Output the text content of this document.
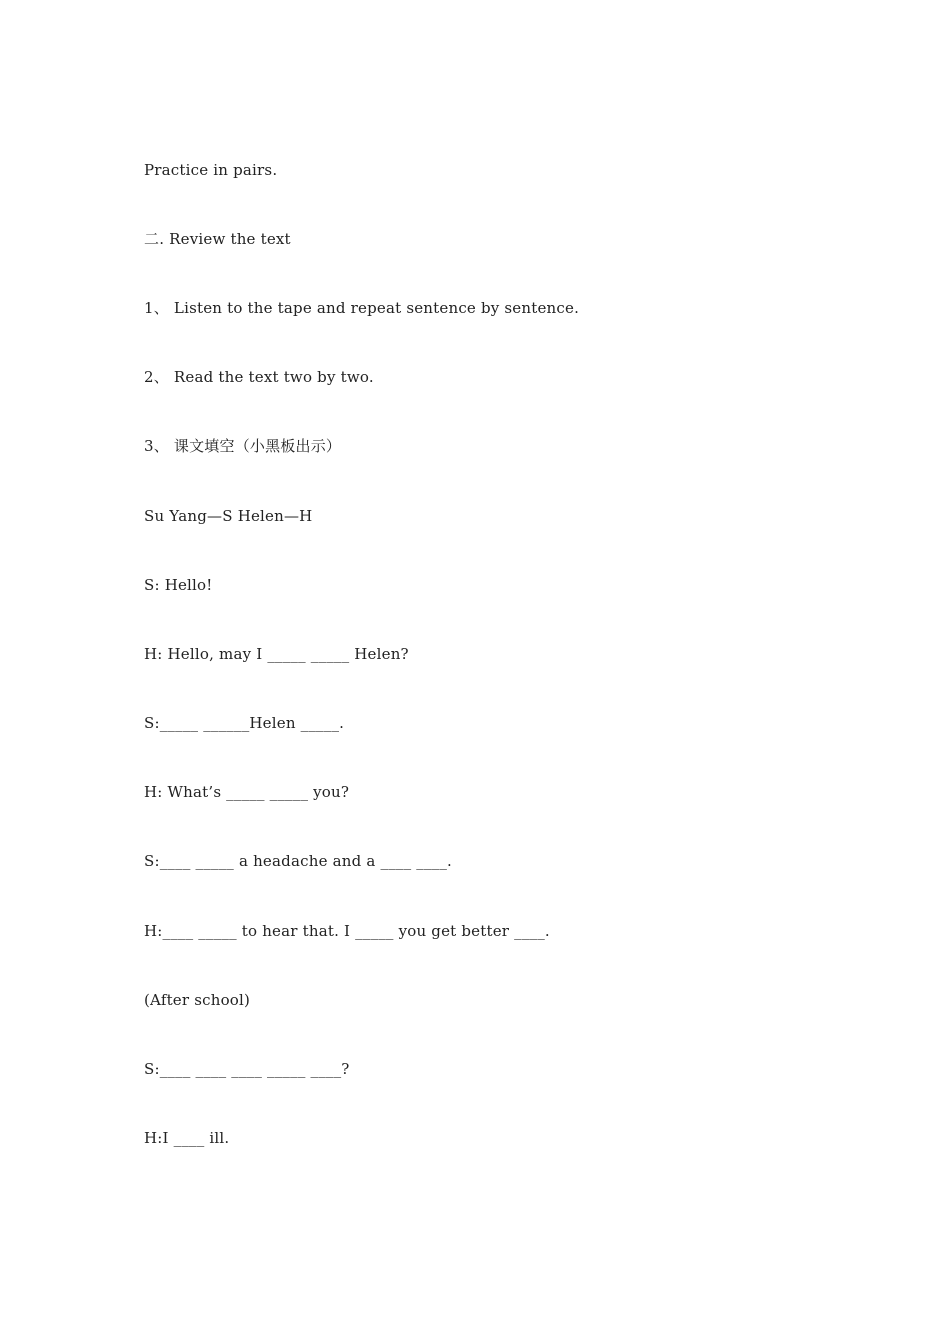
Practice in pairs.
二. Review the text
1、 Listen to the tape and repeat sentence by sentence.
2、 Read the text two by two.
3、 课文填空（小黑板出示）
Su Yang—S Helen—H
S: Hello!
H: Hello, may I _____ _____ Helen?
S:_____ ______Helen _____.
H: What’s _____ _____ you?
S:____ _____ a headache and a ____ ____.
H:____ _____ to hear that. I _____ you get better ____.
(After school)
S:____ ____ ____ _____ ____?
H:I ____ ill.
